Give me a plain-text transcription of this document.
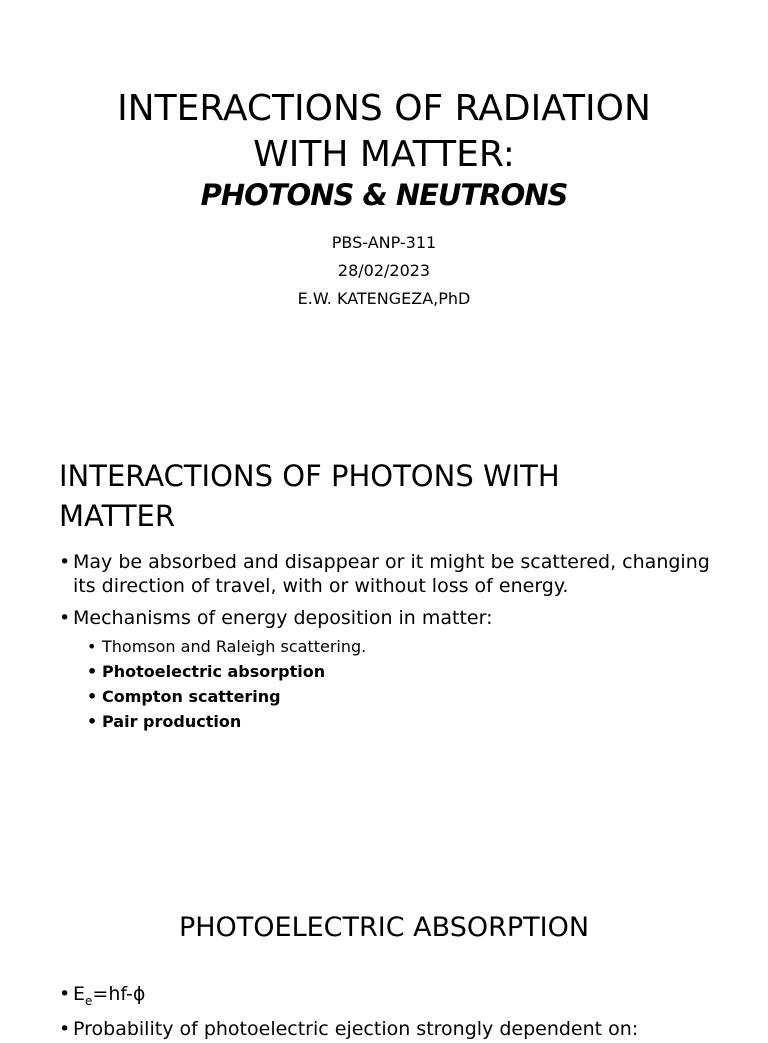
INTERACTIONS OF RADIATION
WITH MATTER:
PHOTONS & NEUTRONS
PBS-ANP-311
28/02/2023
E.W. KATENGEZA,PhD
INTERACTIONS OF PHOTONS WITH
MATTER
• May be absorbed and disappear or it might be scattered, changing its direction of travel, with or without loss of energy.
• Mechanisms of energy deposition in matter:
• Thomson and Raleigh scattering.
• Photoelectric absorption
• Compton scattering
• Pair production
PHOTOELECTRIC ABSORPTION
• $E_e=hf-\phi$
• Probability of photoelectric ejection strongly dependent on:
